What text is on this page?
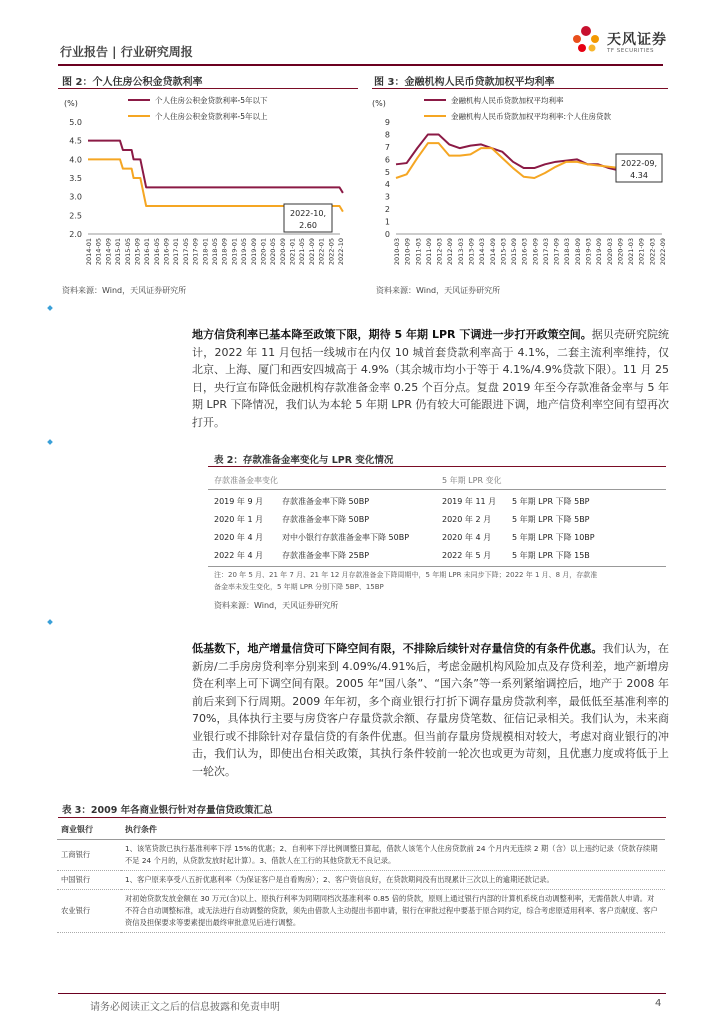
行业报告 | 行业研究周报
天风证券
TF SECURITIES
图 2：个人住房公积金贷款利率
(%)
5.0
4.5
4.0
3.5
3.0
2.5
2.0
2014-01 2014-05 2014-09 2015-01 2015-05 2015-09 2016-01 2016-05 2016-09 2017-01 2017-05 2017-09 2018-01 2018-05 2018-09 2019-01 2019-05 2019-09 2020-01 2020-05 2020-09 2021-01 2021-05 2021-09 2022-01 2022-05 2022-10
个人住房公积金贷款利率-5年以下
个人住房公积金贷款利率-5年以上
2022-10,
2.60
资料来源：Wind，天风证券研究所
图 3：金融机构人民币贷款加权平均利率
(%)
9
8
7
6
5
4
3
2
1
0
2010-03 2010-09 2011-03 2011-09 2012-03 2012-09 2013-03 2013-09 2014-03 2014-09 2015-03 2015-09 2016-03 2016-09 2017-03 2017-09 2018-03 2018-09 2019-03 2019-09 2020-03 2020-09 2021-03 2021-09 2022-03 2022-09
金融机构人民币贷款加权平均利率
金融机构人民币贷款加权平均利率:个人住房贷款
2022-09,
4.34
资料来源：Wind，天风证券研究所
地方信贷利率已基本降至政策下限，期待 5 年期 LPR 下调进一步打开政策空间。据贝壳研究院统计，2022 年 11 月包括一线城市在内仅 10 城首套贷款利率高于 4.1%，二套主流利率维持，仅北京、上海、厦门和西安四城高于 4.9%（其余城市均小于等于 4.1%/4.9%贷款下限）。11 月 25 日，央行宣布降低金融机构存款准备金率 0.25 个百分点。复盘 2019 年至今存款准备金率与 5 年期 LPR 下降情况，我们认为本轮 5 年期 LPR 仍有较大可能跟进下调，地产信贷利率空间有望再次打开。
表 2：存款准备金率变化与 LPR 变化情况
存款准备金率变化	5 年期 LPR 变化
2019 年 9 月 存款准备金率下降 50BP	2019 年 11 月 5 年期 LPR 下降 5BP
2020 年 1 月 存款准备金率下降 50BP	2020 年 2 月	5 年期 LPR 下降 5BP
2020 年 4 月 对中小银行存款准备金率下降 50BP	2020 年 4 月	5 年期 LPR 下降 10BP
2022 年 4 月 存款准备金率下降 25BP	2022 年 5 月	5 年期 LPR 下降 15B
注：20 年 5 月、21 年 7 月、21 年 12 月存款准备金下降周期中，5 年期 LPR 未同步下降；2022 年 1 月、8 月，存款准
备金率未发生变化，5 年期 LPR 分别下降 5BP、15BP
资料来源：Wind，天风证券研究所
低基数下，地产增量信贷可下降空间有限，不排除后续针对存量信贷的有条件优惠。我们认为，在新房/二手房房贷利率分别来到 4.09%/4.91%后，考虑金融机构风险加点及存贷利差，地产新增房贷在利率上可下调空间有限。2005 年“国八条”、“国六条”等一系列紧缩调控后，地产于 2008 年前后来到下行周期。2009 年年初，多个商业银行打折下调存量房贷款利率，最低低至基准利率的 70%，具体执行主要与房贷客户存量贷款余额、存量房贷笔数、征信记录相关。我们认为，未来商业银行或不排除针对存量信贷的有条件优惠。但当前存量房贷规模相对较大，考虑对商业银行的冲击，我们认为，即使出台相关政策，其执行条件较前一轮次也或更为苛刻，且优惠力度或将低于上一轮次。
表 3：2009 年各商业银行针对存量信贷政策汇总
商业银行	执行条件
工商银行	1、该笔贷款已执行基准利率下浮 15%的优惠；2、自利率下浮比例调整日算起，借款人该笔个人住房贷款前 24 个月内无连续 2 期（含）以上违约记录（贷款存续期不足 24 个月的，从贷款发放时起计算）。3、借款人在工行的其他贷款无不良记录。
中国银行	1、客户原来享受八五折优惠利率（为保证客户是自看购房）；2、客户资信良好，在贷款期间没有出现累计三次以上的逾期还款记录。
农业银行	对初始贷款发放金额在 30 万元(含)以上、原执行利率为同期同档次基准利率 0.85 倍的贷款，原则上通过银行内部的计算机系统自动调整利率，无需借款人申请。对不符合自动调整标准，或无法进行自动调整的贷款，须先由借款人主动提出书面申请，银行在审批过程中要基于原合同约定，综合考虑原适用利率、客户贡献度、客户资信及担保要求等要素提出最终审批意见后进行调整。
请务必阅读正文之后的信息披露和免责申明	4
